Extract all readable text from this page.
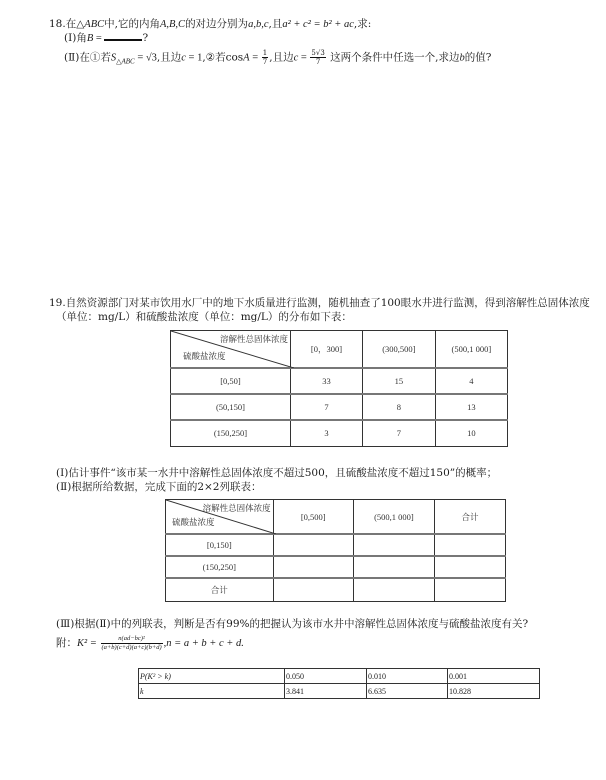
18.在△ABC中,它的内角A,B,C的对边分别为a,b,c,且a² + c² = b² + ac,求:
(Ⅰ)角B =	?
(Ⅱ)在①若$S_{\triangle ABC} = √3$,且边c = 1,②若$\cos A = \frac{1}{7}$ ,且边$c = \frac{5√3}{7}$ 这两个条件中任选一个,求边b的值?
19.自然资源部门对某市饮用水厂中的地下水质量进行监测，随机抽查了100眼水井进行监测，得到溶解性总固体浓度
（单位：mg/L）和硫酸盐浓度（单位：mg/L）的分布如下表：
溶解性总固体浓度
硫酸盐浓度	[0，300]	(300,500]	(500,1 000]
[0,50]	33	15	4
(50,150]	7	8	13
(150,250]	3	7	10
(Ⅰ)估计事件“该市某一水井中溶解性总固体浓度不超过500，且硫酸盐浓度不超过150”的概率；
(Ⅱ)根据所给数据，完成下面的2×2列联表：
溶解性总固体浓度
硫酸盐浓度	[0,500]	(500,1 000]	合计
[0,150]			
(150,250]			
合计			
(Ⅲ)根据(Ⅱ)中的列联表，判断是否有99%的把握认为该市水井中溶解性总固体浓度与硫酸盐浓度有关?
附：$K^2 = \frac{\text{n(ad−bc)²}}{(a+b)(c+d)(a+c)(b+d)} ,n = a + b + c + d$.
P(K² > k)	0.050	0.010	0.001
k	3.841	6.635	10.828
